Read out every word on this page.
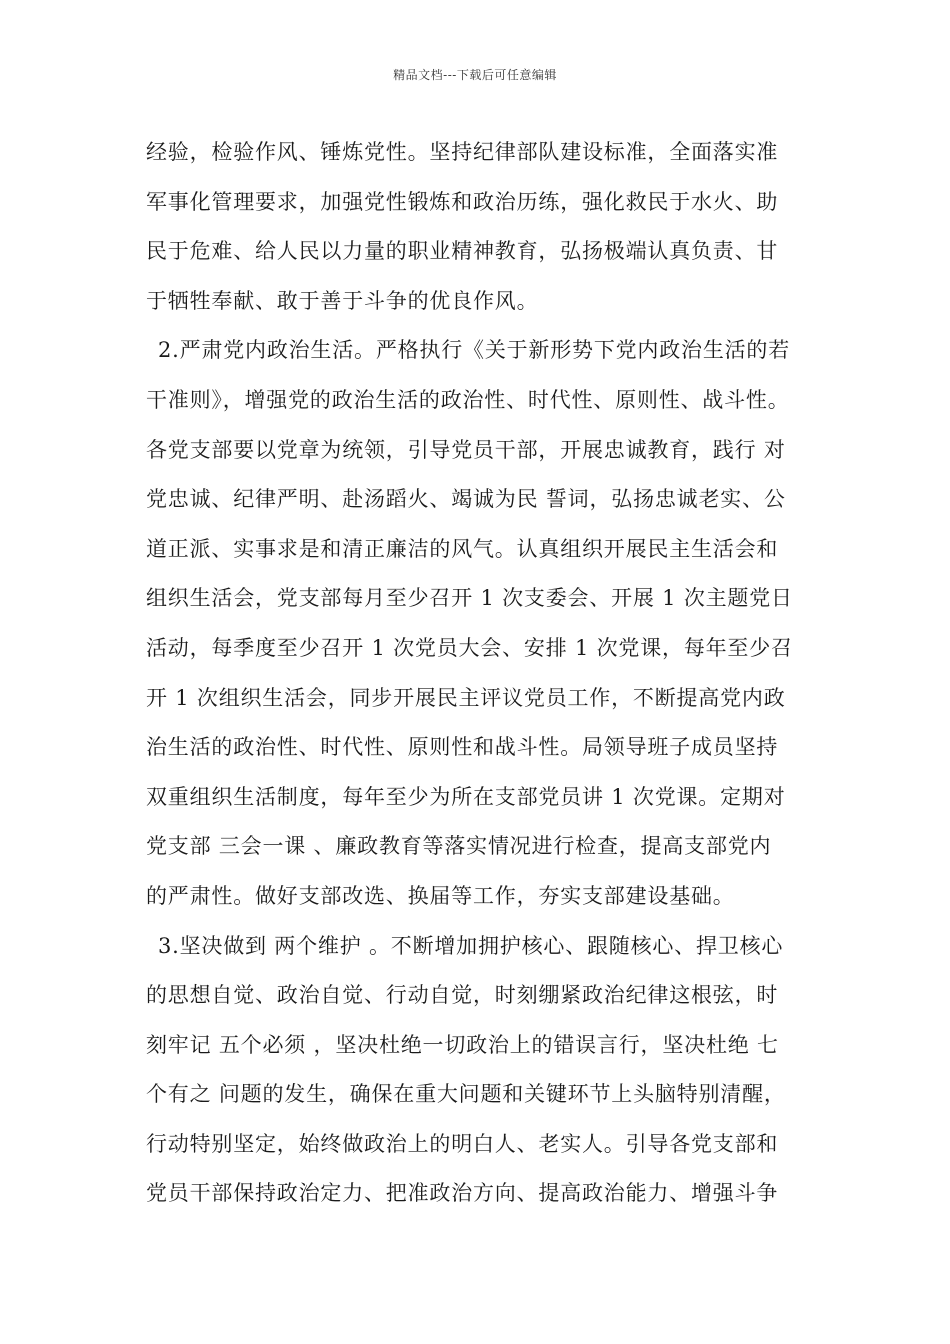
精品文档---下载后可任意编辑
经验，检验作风、锤炼党性。坚持纪律部队建设标准，全面落实准
军事化管理要求，加强党性锻炼和政治历练，强化救民于水火、助
民于危难、给人民以力量的职业精神教育，弘扬极端认真负责、甘
于牺牲奉献、敢于善于斗争的优良作风。
2.严肃党内政治生活。严格执行《关于新形势下党内政治生活的若
干准则》，增强党的政治生活的政治性、时代性、原则性、战斗性。
各党支部要以党章为统领，引导党员干部，开展忠诚教育，践行 对
党忠诚、纪律严明、赴汤蹈火、竭诚为民 誓词，弘扬忠诚老实、公
道正派、实事求是和清正廉洁的风气。认真组织开展民主生活会和
组织生活会，党支部每月至少召开 1 次支委会、开展 1 次主题党日
活动，每季度至少召开 1 次党员大会、安排 1 次党课，每年至少召
开 1 次组织生活会，同步开展民主评议党员工作，不断提高党内政
治生活的政治性、时代性、原则性和战斗性。局领导班子成员坚持
双重组织生活制度，每年至少为所在支部党员讲 1 次党课。定期对
党支部 三会一课 、廉政教育等落实情况进行检查，提高支部党内
的严肃性。做好支部改选、换届等工作，夯实支部建设基础。
3.坚决做到 两个维护 。不断增加拥护核心、跟随核心、捍卫核心
的思想自觉、政治自觉、行动自觉，时刻绷紧政治纪律这根弦，时
刻牢记 五个必须 ，坚决杜绝一切政治上的错误言行，坚决杜绝 七
个有之 问题的发生，确保在重大问题和关键环节上头脑特别清醒，
行动特别坚定，始终做政治上的明白人、老实人。引导各党支部和
党员干部保持政治定力、把准政治方向、提高政治能力、增强斗争
